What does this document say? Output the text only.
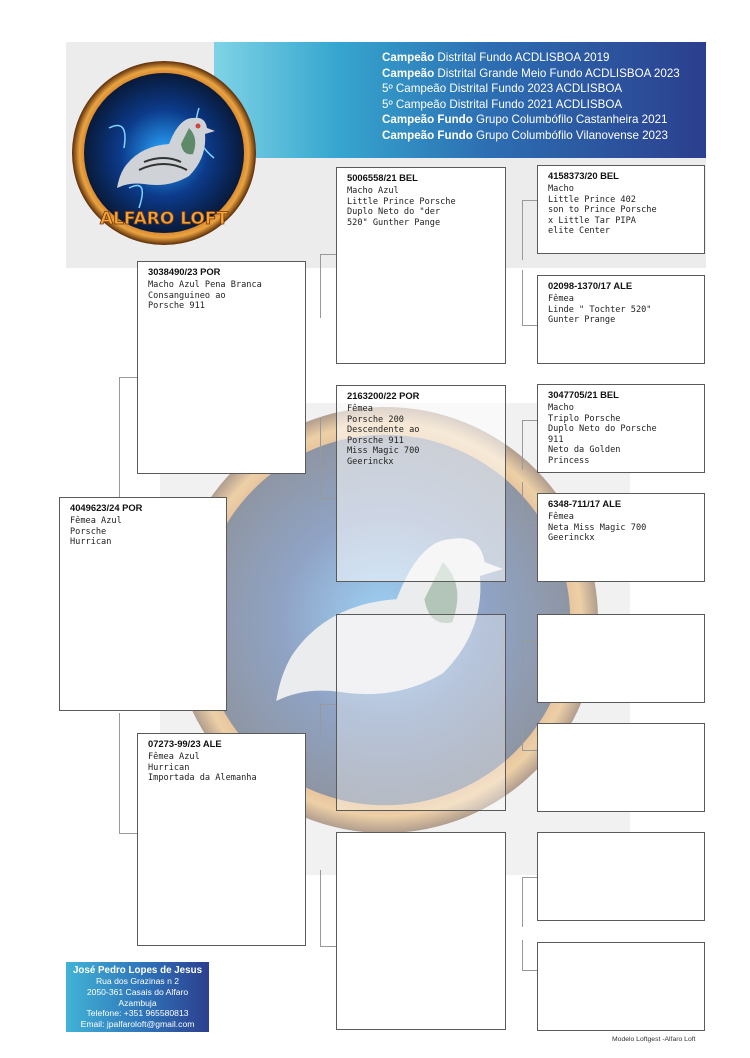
Campeão Distrital Fundo ACDLISBOA 2019
Campeão Distrital Grande Meio Fundo ACDLISBOA 2023
5º Campeão Distrital Fundo 2023 ACDLISBOA
5º Campeão Distrital Fundo 2021 ACDLISBOA
Campeão Fundo Grupo Columbófilo Castanheira 2021
Campeão Fundo Grupo Columbófilo Vilanovense 2023
ALFARO LOFT
4049623/24 POR
Fêmea Azul
Porsche
Hurrican
3038490/23 POR
Macho Azul Pena Branca
Consanguineo ao
Porsche 911
07273-99/23 ALE
Fêmea Azul
Hurrican
Importada da Alemanha
5006558/21 BEL
Macho Azul
Little Prince Porsche
Duplo Neto do "der
520" Gunther Pange
2163200/22 POR
Fêmea
Porsche 200
Descendente ao
Porsche 911
Miss Magic 700
Geerinckx
4158373/20 BEL
Macho
Little Prince 402
son to Prince Porsche
x Little Tar PIPA
elite Center
02098-1370/17 ALE
Fêmea
Linde " Tochter 520"
Gunter Prange
3047705/21 BEL
Macho
Triplo Porsche
Duplo Neto do Porsche
911
Neto da Golden
Princess
6348-711/17 ALE
Fêmea
Neta Miss Magic 700
Geerinckx
José Pedro Lopes de Jesus
Rua dos Grazinas n 2
2050-361 Casais do Alfaro
Azambuja
Telefone: +351 965580813
Email: jpalfaroloft@gmail.com
Modelo Loftgest -Alfaro Loft
